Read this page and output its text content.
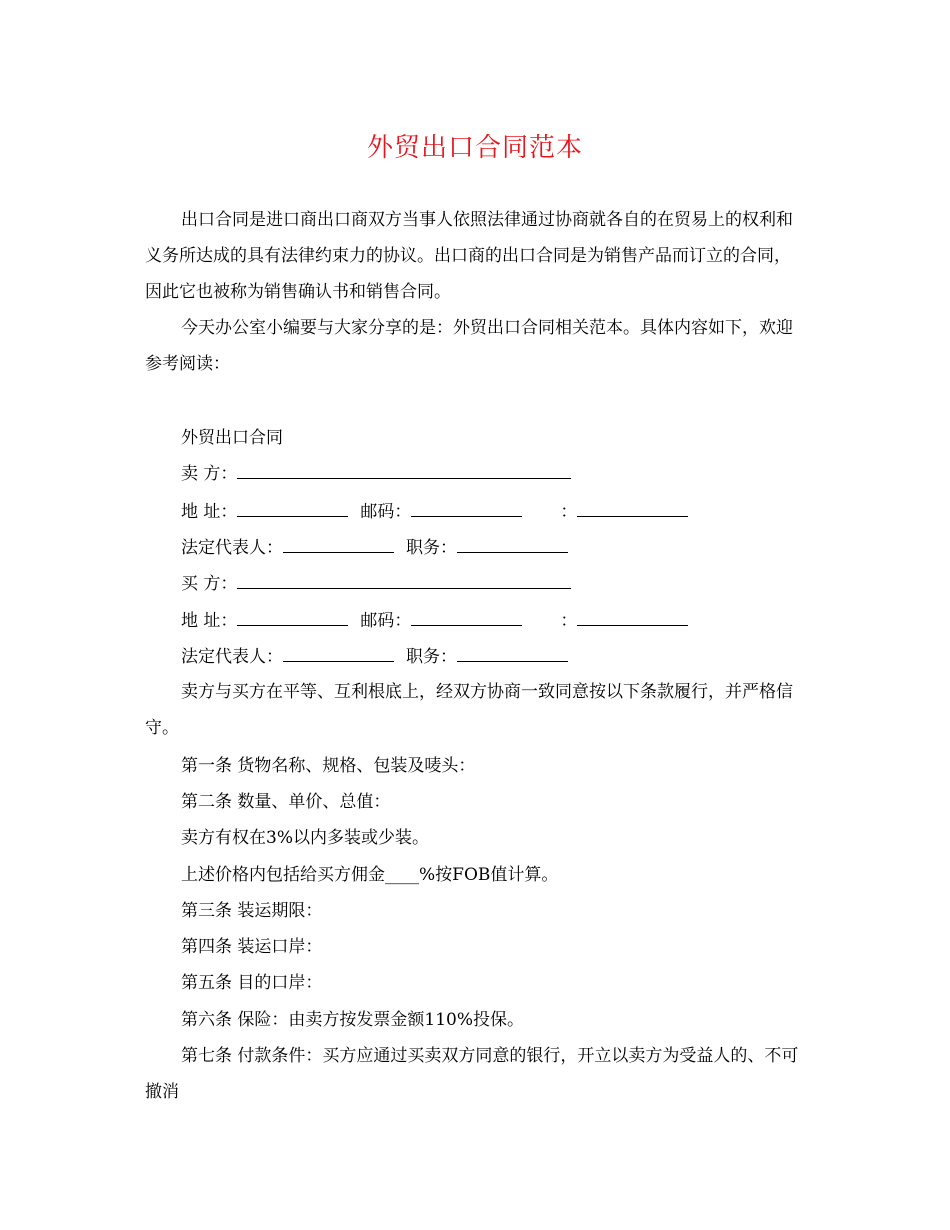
外贸出口合同范本

出口合同是进口商出口商双方当事人依照法律通过协商就各自的在贸易上的权利和义务所达成的具有法律约束力的协议。出口商的出口合同是为销售产品而订立的合同，因此它也被称为销售确认书和销售合同。

今天办公室小编要与大家分享的是：外贸出口合同相关范本。具体内容如下，欢迎参考阅读：

外贸出口合同

卖 方：

地 址：	邮码：	：

法定代表人：	职务：

买 方：

地 址：	邮码：	：

法定代表人：	职务：

卖方与买方在平等、互利根底上，经双方协商一致同意按以下条款履行，并严格信守。

第一条 货物名称、规格、包装及唛头：

第二条 数量、单价、总值：

卖方有权在3%以内多装或少装。

上述价格内包括给买方佣金____%按FOB值计算。

第三条 装运期限：

第四条 装运口岸：

第五条 目的口岸：

第六条 保险：由卖方按发票金额110%投保。

第七条 付款条件：买方应通过买卖双方同意的银行，开立以卖方为受益人的、不可撤消
